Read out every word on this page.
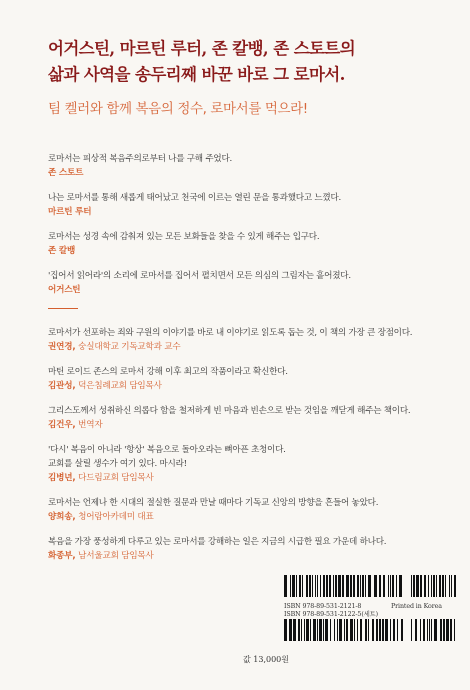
어거스틴, 마르틴 루터, 존 칼뱅, 존 스토트의
삶과 사역을 송두리째 바꾼 바로 그 로마서.
팀 켈러와 함께 복음의 정수, 로마서를 먹으라!
로마서는 피상적 복음주의로부터 나를 구해 주었다.
존 스토트
나는 로마서를 통해 새롭게 태어났고 천국에 이르는 열린 문을 통과했다고 느꼈다.
마르틴 루터
로마서는 성경 속에 감춰져 있는 모든 보화들을 찾을 수 있게 해주는 입구다.
존 칼뱅
'집어서 읽어라'의 소리에 로마서를 집어서 펼치면서 모든 의심의 그림자는 흩어졌다.
어거스틴
로마서가 선포하는 죄와 구원의 이야기를 바로 내 이야기로 읽도록 돕는 것, 이 책의 가장 큰 장점이다.
권연경, 숭실대학교 기독교학과 교수
마틴 로이드 존스의 로마서 강해 이후 최고의 작품이라고 확신한다.
김관성, 덕은침례교회 담임목사
그리스도께서 성취하신 의롭다 함을 철저하게 빈 마음과 빈손으로 받는 것임을 깨닫게 해주는 책이다.
김건우, 번역자
'다시' 복음이 아니라 '항상' 복음으로 돌아오라는 뼈아픈 초청이다.
교회를 살릴 생수가 여기 있다. 마시라!
김병년, 다드림교회 담임목사
로마서는 언제나 한 시대의 절실한 질문과 만날 때마다 기독교 신앙의 방향을 흔들어 놓았다.
양희송, 청어람아카데미 대표
복음을 가장 풍성하게 다루고 있는 로마서를 강해하는 일은 지금의 시급한 필요 가운데 하나다.
화종부, 남서울교회 담임목사
ISBN 978-89-531-2121-8	Printed in Korea
ISBN 978-89-531-2122-5(세트)
값 13,000원
